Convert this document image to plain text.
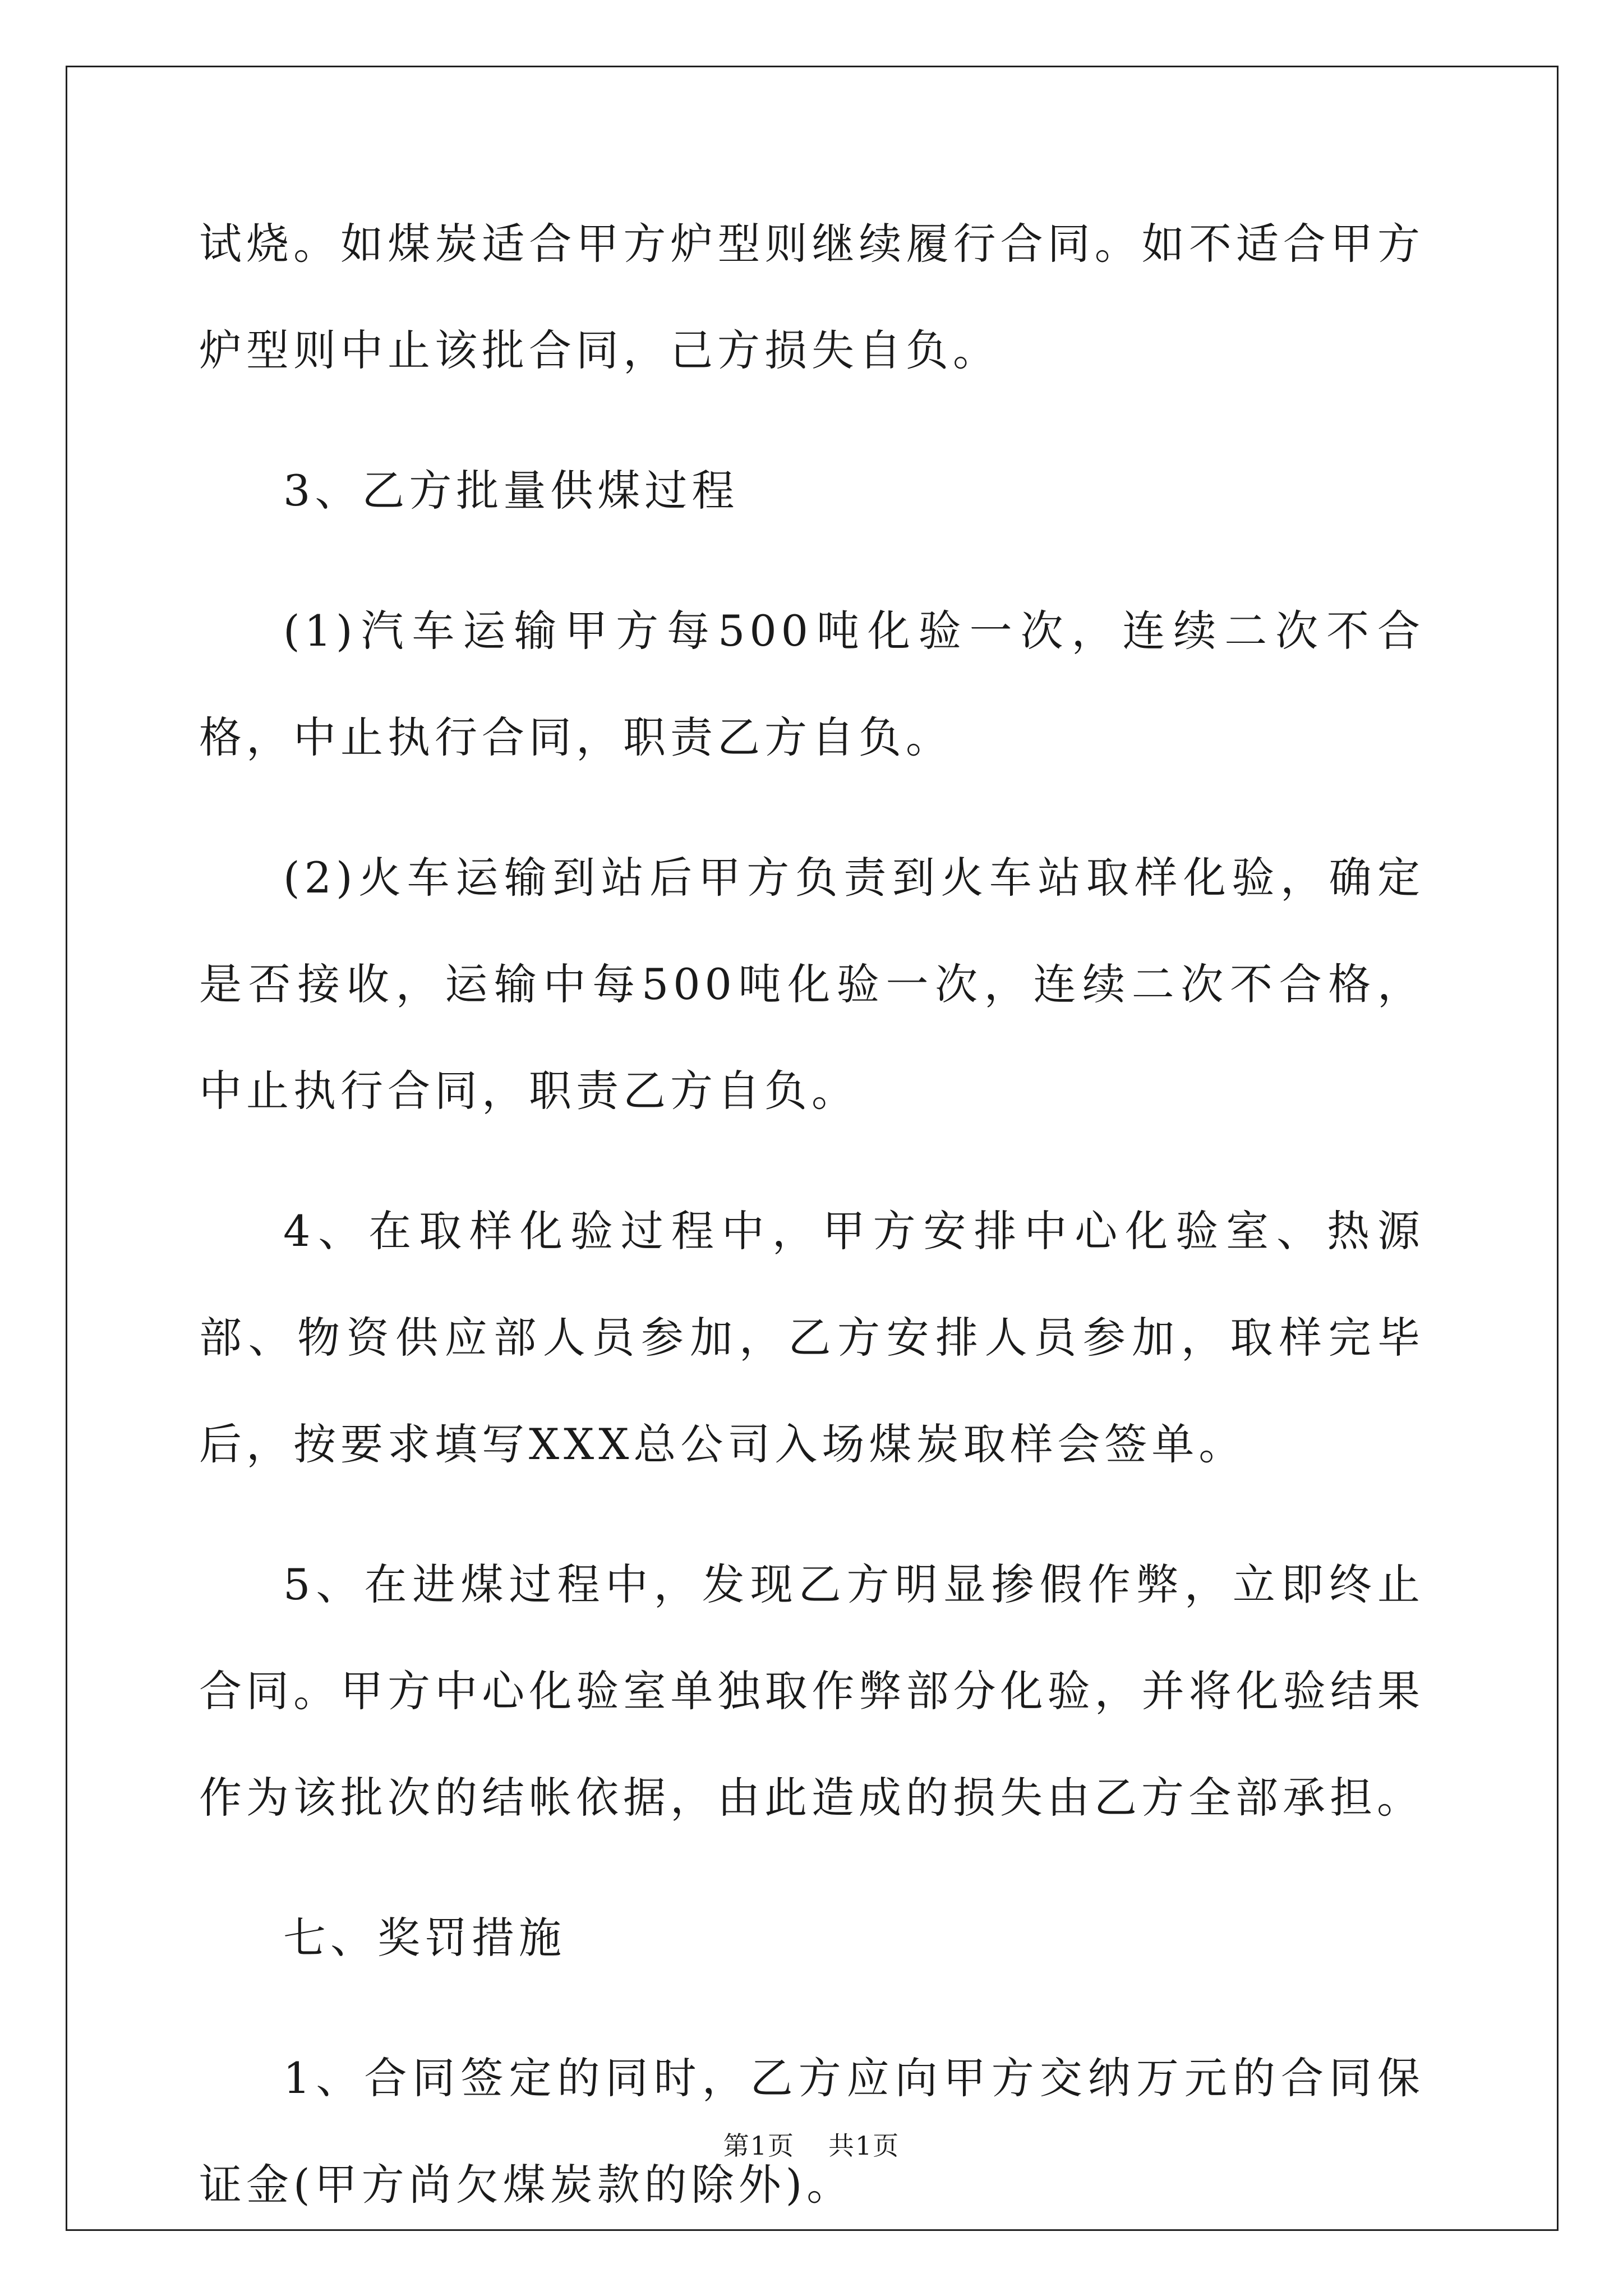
试烧。如煤炭适合甲方炉型则继续履行合同。如不适合甲方炉型则中止该批合同，己方损失自负。

3、乙方批量供煤过程

(1)汽车运输甲方每500吨化验一次，连续二次不合格，中止执行合同，职责乙方自负。

(2)火车运输到站后甲方负责到火车站取样化验，确定是否接收，运输中每500吨化验一次，连续二次不合格，中止执行合同，职责乙方自负。

4、在取样化验过程中，甲方安排中心化验室、热源部、物资供应部人员参加，乙方安排人员参加，取样完毕后，按要求填写XXX总公司入场煤炭取样会签单。

5、在进煤过程中，发现乙方明显掺假作弊，立即终止合同。甲方中心化验室单独取作弊部分化验，并将化验结果作为该批次的结帐依据，由此造成的损失由乙方全部承担。

七、奖罚措施

1、合同签定的同时，乙方应向甲方交纳万元的合同保证金(甲方尚欠煤炭款的除外)。

第1页 共1页
